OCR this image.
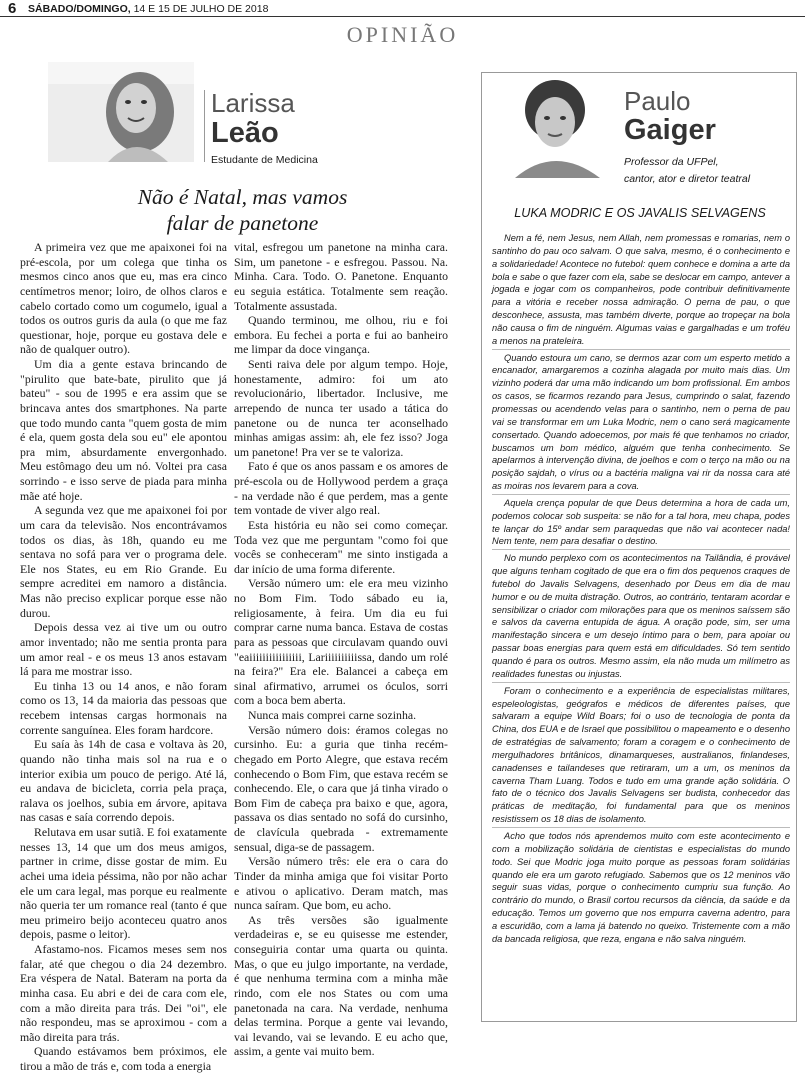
6 SÁBADO/DOMINGO, 14 E 15 DE JULHO DE 2018
OPINIÃO
Larissa
Leão
Estudante de Medicina
Não é Natal, mas vamos
falar de panetone

A primeira vez que me apaixonei foi na pré-escola, por um colega que tinha os mesmos cinco anos que eu, mas era cinco centímetros menor; loiro, de olhos claros e cabelo cortado como um cogumelo, igual a todos os outros guris da aula (o que me faz questionar, hoje, porque eu gostava dele e não de qualquer outro).

Um dia a gente estava brincando de "pirulito que bate-bate, pirulito que já bateu" - sou de 1995 e era assim que se brincava antes dos smartphones. Na parte que todo mundo canta "quem gosta de mim é ela, quem gosta dela sou eu" ele apontou pra mim, absurdamente envergonhado. Meu estômago deu um nó. Voltei pra casa sorrindo - e isso serve de piada para minha mãe até hoje.

A segunda vez que me apaixonei foi por um cara da televisão. Nos encontrávamos todos os dias, às 18h, quando eu me sentava no sofá para ver o programa dele. Ele nos States, eu em Rio Grande. Eu sempre acreditei em namoro a distância. Mas não preciso explicar porque esse não durou.

Depois dessa vez ai tive um ou outro amor inventado; não me sentia pronta para um amor real - e os meus 13 anos estavam lá para me mostrar isso.

Eu tinha 13 ou 14 anos, e não foram como os 13, 14 da maioria das pessoas que recebem intensas cargas hormonais na corrente sanguínea. Eles foram hardcore.

Eu saía às 14h de casa e voltava às 20, quando não tinha mais sol na rua e o interior exibia um pouco de perigo. Até lá, eu andava de bicicleta, corria pela praça, ralava os joelhos, subia em árvore, apitava nas casas e saía correndo depois.

Relutava em usar sutiã. E foi exatamente nesses 13, 14 que um dos meus amigos, partner in crime, disse gostar de mim. Eu achei uma ideia péssima, não por não achar ele um cara legal, mas porque eu realmente não queria ter um romance real (tanto é que meu primeiro beijo aconteceu quatro anos depois, pasme o leitor).

Afastamo-nos. Ficamos meses sem nos falar, até que chegou o dia 24 dezembro. Era véspera de Natal. Bateram na porta da minha casa. Eu abri e dei de cara com ele, com a mão direita para trás. Dei "oi", ele não respondeu, mas se aproximou - com a mão direita para trás.

Quando estávamos bem próximos, ele tirou a mão de trás e, com toda a energia

vital, esfregou um panetone na minha cara. Sim, um panetone - e esfregou. Passou. Na. Minha. Cara. Todo. O. Panetone. Enquanto eu seguia estática. Totalmente sem reação. Totalmente assustada.

Quando terminou, me olhou, riu e foi embora. Eu fechei a porta e fui ao banheiro me limpar da doce vingança.

Senti raiva dele por algum tempo. Hoje, honestamente, admiro: foi um ato revolucionário, libertador. Inclusive, me arrependo de nunca ter usado a tática do panetone ou de nunca ter aconselhado minhas amigas assim: ah, ele fez isso? Joga um panetone! Pra ver se te valoriza.

Fato é que os anos passam e os amores de pré-escola ou de Hollywood perdem a graça - na verdade não é que perdem, mas a gente tem vontade de viver algo real.

Esta história eu não sei como começar. Toda vez que me perguntam "como foi que vocês se conheceram" me sinto instigada a dar início de uma forma diferente.

Versão número um: ele era meu vizinho no Bom Fim. Todo sábado eu ia, religiosamente, à feira. Um dia eu fui comprar carne numa banca. Estava de costas para as pessoas que circulavam quando ouvi "eaiiiiiiiiiiiiiiii, Lariiiiiiiiiissa, dando um rolé na feira?" Era ele. Balancei a cabeça em sinal afirmativo, arrumei os óculos, sorri com a boca bem aberta.

Nunca mais comprei carne sozinha.

Versão número dois: éramos colegas no cursinho. Eu: a guria que tinha recém-chegado em Porto Alegre, que estava recém conhecendo o Bom Fim, que estava recém se conhecendo. Ele, o cara que já tinha virado o Bom Fim de cabeça pra baixo e que, agora, passava os dias sentado no sofá do cursinho, de clavícula quebrada - extremamente sensual, diga-se de passagem.

Versão número três: ele era o cara do Tinder da minha amiga que foi visitar Porto e ativou o aplicativo. Deram match, mas nunca saíram. Que bom, eu acho.

As três versões são igualmente verdadeiras e, se eu quisesse me estender, conseguiria contar uma quarta ou quinta. Mas, o que eu julgo importante, na verdade, é que nenhuma termina com a minha mãe rindo, com ele nos States ou com uma panetonada na cara. Na verdade, nenhuma delas termina. Porque a gente vai levando, vai levando, vai se levando. E eu acho que, assim, a gente vai muito bem.

Paulo
Gaiger
Professor da UFPel,
cantor, ator e diretor teatral
LUKA MODRIC E OS JAVALIS SELVAGENS

Nem a fé, nem Jesus, nem Allah, nem promessas e romarias, nem o santinho do pau oco salvam. O que salva, mesmo, é o conhecimento e a solidariedade! Acontece no futebol: quem conhece e domina a arte da bola e sabe o que fazer com ela, sabe se deslocar em campo, antever a jogada e jogar com os companheiros, pode contribuir definitivamente para a vitória e receber nossa admiração. O perna de pau, o que desconhece, assusta, mas também diverte, porque ao tropeçar na bola não causa o fim de ninguém. Algumas vaias e gargalhadas e um troféu a menos na prateleira.

Quando estoura um cano, se dermos azar com um esperto metido a encanador, amargaremos a cozinha alagada por muito mais dias. Um vizinho poderá dar uma mão indicando um bom profissional. Em ambos os casos, se ficarmos rezando para Jesus, cumprindo o salat, fazendo promessas ou acendendo velas para o santinho, nem o perna de pau vai se transformar em um Luka Modric, nem o cano será magicamente consertado. Quando adoecemos, por mais fé que tenhamos no criador, buscamos um bom médico, alguém que tenha conhecimento. Se apelarmos à intervenção divina, de joelhos e com o terço na mão ou na posição sajdah, o vírus ou a bactéria maligna vai rir da nossa cara até as moiras nos levarem para a cova.

Aquela crença popular de que Deus determina a hora de cada um, podemos colocar sob suspeita: se não for a tal hora, meu chapa, podes te lançar do 15º andar sem paraquedas que não vai acontecer nada! Nem tente, nem para desafiar o destino.

No mundo perplexo com os acontecimentos na Tailândia, é provável que alguns tenham cogitado de que era o fim dos pequenos craques de futebol do Javalis Selvagens, desenhado por Deus em dia de mau humor e ou de muita distração. Outros, ao contrário, tentaram acordar e sensibilizar o criador com milorações para que os meninos saíssem são e salvos da caverna entupida de água. A oração pode, sim, ser uma manifestação sincera e um desejo íntimo para o bem, para apoiar ou passar boas energias para quem está em dificuldades. Só tem sentido quando é para os outros. Mesmo assim, ela não muda um milímetro as realidades funestas ou injustas.

Foram o conhecimento e a experiência de especialistas militares, espeleologistas, geógrafos e médicos de diferentes países, que salvaram a equipe Wild Boars; foi o uso de tecnologia de ponta da China, dos EUA e de Israel que possibilitou o mapeamento e o desenho de estratégias de salvamento; foram a coragem e o conhecimento de mergulhadores britânicos, dinamarqueses, australianos, finlandeses, canadenses e tailandeses que retiraram, um a um, os meninos da caverna Tham Luang. Todos e tudo em uma grande ação solidária. O fato de o técnico dos Javalis Selvagens ser budista, conhecedor das práticas de meditação, foi fundamental para que os meninos resistissem os 18 dias de isolamento.

Acho que todos nós aprendemos muito com este acontecimento e com a mobilização solidária de cientistas e especialistas do mundo todo. Sei que Modric joga muito porque as pessoas foram solidárias quando ele era um garoto refugiado. Sabemos que os 12 meninos vão seguir suas vidas, porque o conhecimento cumpriu sua função. Ao contrário do mundo, o Brasil cortou recursos da ciência, da saúde e da educação. Temos um governo que nos empurra caverna adentro, para a escuridão, com a lama já batendo no queixo. Tristemente com a mão da bancada religiosa, que reza, engana e não salva ninguém.
